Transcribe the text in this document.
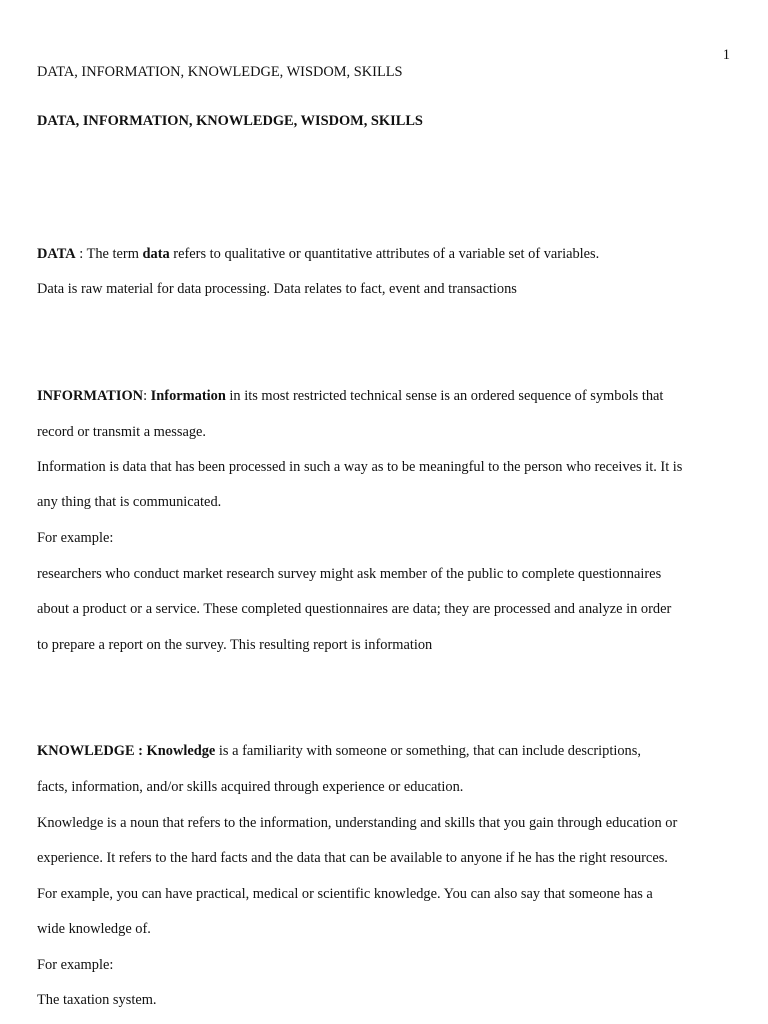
1
DATA, INFORMATION, KNOWLEDGE, WISDOM, SKILLS
DATA, INFORMATION, KNOWLEDGE, WISDOM, SKILLS
DATA : The term data refers to qualitative or quantitative attributes of a variable set of variables.
Data is raw material for data processing. Data relates to fact, event and transactions
INFORMATION: Information in its most restricted technical sense is an ordered sequence of symbols that
record or transmit a message.
Information is data that has been processed in such a way as to be meaningful to the person who receives it. It is
any thing that is communicated.
For example:
researchers who conduct market research survey might ask member of the public to complete questionnaires
about a product or a service. These completed questionnaires are data; they are processed and analyze in order
to prepare a report on the survey. This resulting report is information
KNOWLEDGE : Knowledge is a familiarity with someone or something, that can include descriptions,
facts, information, and/or skills acquired through experience or education.
Knowledge is a noun that refers to the information, understanding and skills that you gain through education or
experience. It refers to the hard facts and the data that can be available to anyone if he has the right resources.
For example, you can have practical, medical or scientific knowledge. You can also say that someone has a
wide knowledge of.
For example:
The taxation system.
